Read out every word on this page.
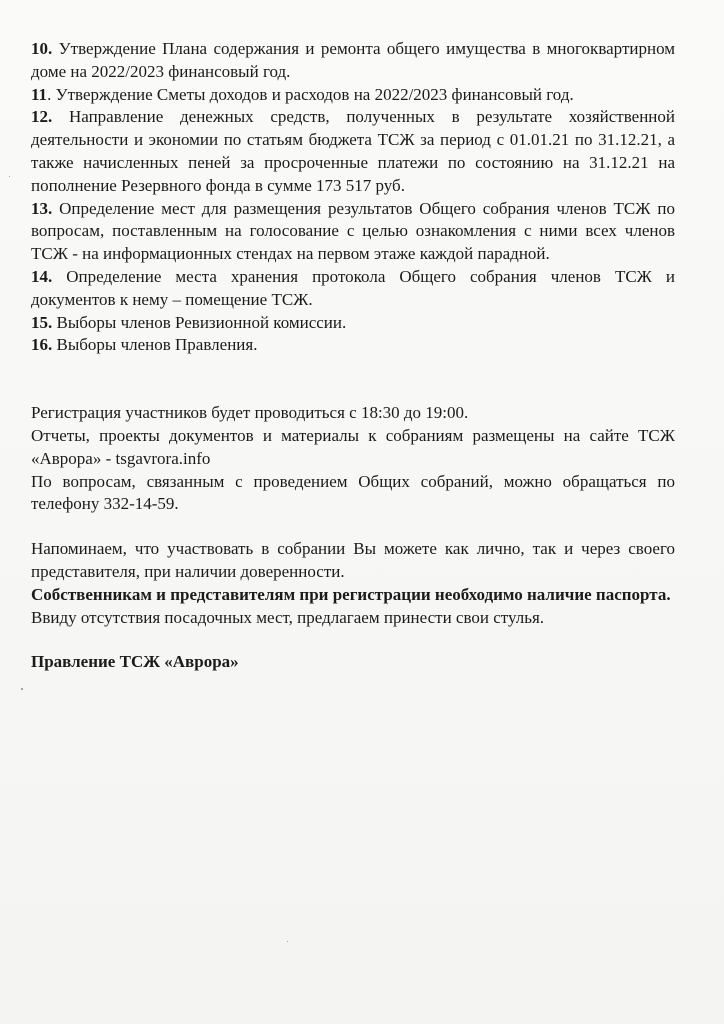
10. Утверждение Плана содержания и ремонта общего имущества в многоквартирном доме на 2022/2023 финансовый год.

11. Утверждение Сметы доходов и расходов на 2022/2023 финансовый год.

12. Направление денежных средств, полученных в результате хозяйственной деятельности и экономии по статьям бюджета ТСЖ за период с 01.01.21 по 31.12.21, а также начисленных пеней за просроченные платежи по состоянию на 31.12.21 на пополнение Резервного фонда в сумме 173 517 руб.

13. Определение мест для размещения результатов Общего собрания членов ТСЖ по вопросам, поставленным на голосование с целью ознакомления с ними всех членов ТСЖ - на информационных стендах на первом этаже каждой парадной.

14. Определение места хранения протокола Общего собрания членов ТСЖ и документов к нему – помещение ТСЖ.

15. Выборы членов Ревизионной комиссии.

16. Выборы членов Правления.

Регистрация участников будет проводиться с 18:30 до 19:00.

Отчеты, проекты документов и материалы к собраниям размещены на сайте ТСЖ «Аврора» - tsgavrora.info

По вопросам, связанным с проведением Общих собраний, можно обращаться по телефону 332-14-59.

Напоминаем, что участвовать в собрании Вы можете как лично, так и через своего представителя, при наличии доверенности.

Собственникам и представителям при регистрации необходимо наличие паспорта.

Ввиду отсутствия посадочных мест, предлагаем принести свои стулья.

Правление ТСЖ «Аврора»
